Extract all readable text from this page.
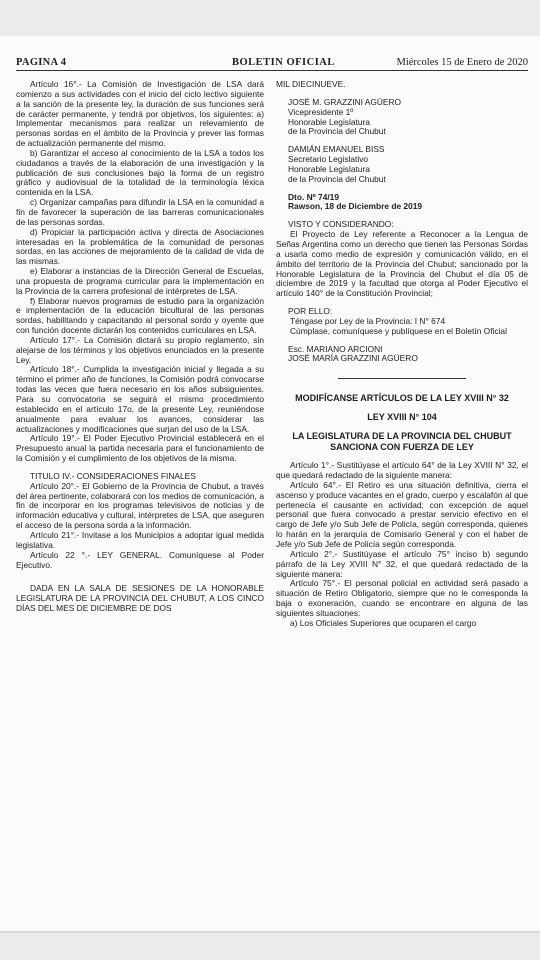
PAGINA 4	BOLETIN OFICIAL	Miércoles 15 de Enero de 2020

Artículo 16°.- La Comisión de Investigación de LSA dará comienzo a sus actividades con el inicio del ciclo lectivo siguiente a la sanción de la presente ley, la duración de sus funciones será de carácter permanente, y tendrá por objetivos, los siguientes: a) Implementar mecanismos para realizar un relevamiento de personas sordas en el ámbito de la Provincia y prever las formas de actualización permanente del mismo.

b) Garantizar el acceso al conocimiento de la LSA a todos los ciudadanos a través de la elaboración de una investigación y la publicación de sus conclusiones bajo la forma de un registro gráfico y audiovisual de la totalidad de la terminología léxica contenida en la LSA.

c) Organizar campañas para difundir la LSA en la comunidad a fin de favorecer la superación de las barreras comunicacionales de las personas sordas.

d) Propiciar la participación activa y directa de Asociaciones interesadas en la problemática de la comunidad de personas sordas, en las acciones de mejoramiento de la calidad de vida de las mismas.

e) Elaborar a instancias de la Dirección General de Escuelas, una propuesta de programa curricular para la implementación en la Provincia de la carrera profesional de intérpretes de LSA.

f) Elaborar nuevos programas de estudio para la organización e implementación de la educación bicultural de las personas sordas, habilitando y capacitando al personal sordo y oyente que con función docente dictarán los contenidos curriculares en LSA.

Artículo 17°.- La Comisión dictará su propio reglamento, sin alejarse de los términos y los objetivos enunciados en la presente Ley.

Artículo 18°.- Cumplida la investigación inicial y llegada a su término el primer año de funciones, la Comisión podrá convocarse todas las veces que fuera necesario en los años subsiguientes. Para su convocatoria se seguirá el mismo procedimiento establecido en el artículo 17o, de la presente Ley, reuniéndose anualmente para evaluar los avances, considerar las actualizaciones y modificaciones que surjan del uso de la LSA.

Artículo 19°.- El Poder Ejecutivo Provincial establecerá en el Presupuesto anual la partida necesaria para el funcionamiento de la Comisión y el cumplimiento de los objetivos de la misma.

TITULO IV.- CONSIDERACIONES FINALES

Artículo 20°.- El Gobierno de la Provincia de Chubut, a través del área pertinente, colaborará con los medios de comunicación, a fin de incorporar en los programas televisivos de noticias y de información educativa y cultural, intérpretes de LSA, que aseguren el acceso de la persona sorda a la información.

Artículo 21°.- Invitase a los Municipios a adoptar igual medida legislativa.

Artículo 22 °.- LEY GENERAL. Comuníquese al Poder Ejecutivo.

DADA EN LA SALA DE SESIONES DE LA HONORABLE LEGISLATURA DE LA PROVINCIA DEL CHUBUT, A LOS CINCO DÍAS DEL MES DE DICIEMBRE DE DOS

MIL DIECINUEVE.

JOSÉ M. GRAZZINI AGÜERO

Vicepresidente 1º

Honorable Legislatura

de la Provincia del Chubut

DAMIÁN EMANUEL BISS

Secretario Legislativo

Honorable Legislatura

de la Provincia del Chubut

Dto. Nº 74/19

Rawson, 18 de Diciembre de 2019

VISTO Y CONSIDERANDO:

El Proyecto de Ley referente a Reconocer a la Lengua de Señas Argentina como un derecho que tienen las Personas Sordas a usarla como medio de expresión y comunicación válido, en el ámbito del territorio de la Provincia del Chubut; sancionado por la Honorable Legislatura de la Provincia del Chubut el día 05 de diciembre de 2019 y la facultad que otorga al Poder Ejecutivo el artículo 140° de la Constitución Provincial;

POR ELLO:

Téngase por Ley de la Provincia: I N° 674

Cúmplase, comuníquese y publíquese en el Boletín Oficial

Esc. MARIANO ARCIONI

JOSÉ MARÍA GRAZZINI AGÜERO

MODIFÍCANSE ARTÍCULOS DE LA LEY XVIII N° 32

LEY XVIII N° 104

LA LEGISLATURA DE LA PROVINCIA DEL CHUBUT SANCIONA CON FUERZA DE LEY

Artículo 1°.- Sustitúyase el artículo 64° de la Ley XVIII N° 32, el que quedará redactado de la siguiente manera:

Artículo 64°.- El Retiro es una situación definitiva, cierra el ascenso y produce vacantes en el grado, cuerpo y escalafón al que pertenecía el causante en actividad; con excepción de aquel personal que fuera convocado a prestar servicio efectivo en el cargo de Jefe y/o Sub Jefe de Policía, según corresponda, quienes lo harán en la jerarquía de Comisario General y con el haber de Jefe y/o Sub Jefe de Policía según corresponda.

Artículo 2°.- Sustitúyase el artículo 75° inciso b) segundo párrafo de la Ley XVIII N° 32, el que quedará redactado de la siguiente manera:

Artículo 75°.- El personal policial en actividad será pasado a situación de Retiro Obligatorio, siempre que no le corresponda la baja o exoneración, cuando se encontrare en alguna de las siguientes situaciones:

a) Los Oficiales Superiores que ocuparen el cargo
